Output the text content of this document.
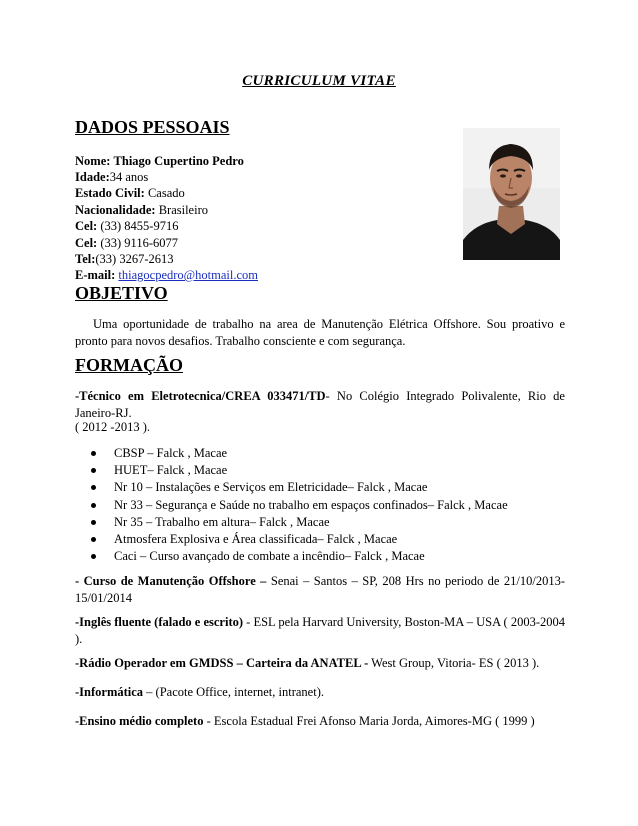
CURRICULUM VITAE
DADOS PESSOAIS
Nome: Thiago Cupertino Pedro
Idade:34 anos
Estado Civil: Casado
Nacionalidade: Brasileiro
Cel: (33) 8455-9716
Cel: (33) 9116-6077
Tel:(33) 3267-2613
E-mail: thiagocpedro@hotmail.com
OBJETIVO
Uma oportunidade de trabalho na area de Manutenção Elétrica Offshore. Sou proativo e pronto para novos desafios. Trabalho consciente e com segurança.
FORMAÇÃO
-Técnico em Eletrotecnica/CREA 033471/TD- No Colégio Integrado Polivalente, Rio de Janeiro-RJ.
( 2012 -2013 ).
CBSP – Falck , Macae
HUET– Falck , Macae
Nr 10 – Instalações e Serviços em Eletricidade– Falck , Macae
Nr 33 – Segurança e Saúde no trabalho em espaços confinados– Falck , Macae
Nr 35 – Trabalho em altura– Falck , Macae
Atmosfera Explosiva e Área classificada– Falck , Macae
Caci – Curso avançado de combate a incêndio– Falck , Macae
- Curso de Manutenção Offshore – Senai – Santos – SP, 208 Hrs no periodo de 21/10/2013-15/01/2014
-Inglês fluente (falado e escrito) - ESL pela Harvard University, Boston-MA – USA ( 2003-2004 ).
-Rádio Operador em GMDSS – Carteira da ANATEL - West Group, Vitoria- ES ( 2013 ).
-Informática – (Pacote Office, internet, intranet).
-Ensino médio completo - Escola Estadual Frei Afonso Maria Jorda, Aimores-MG ( 1999 )
